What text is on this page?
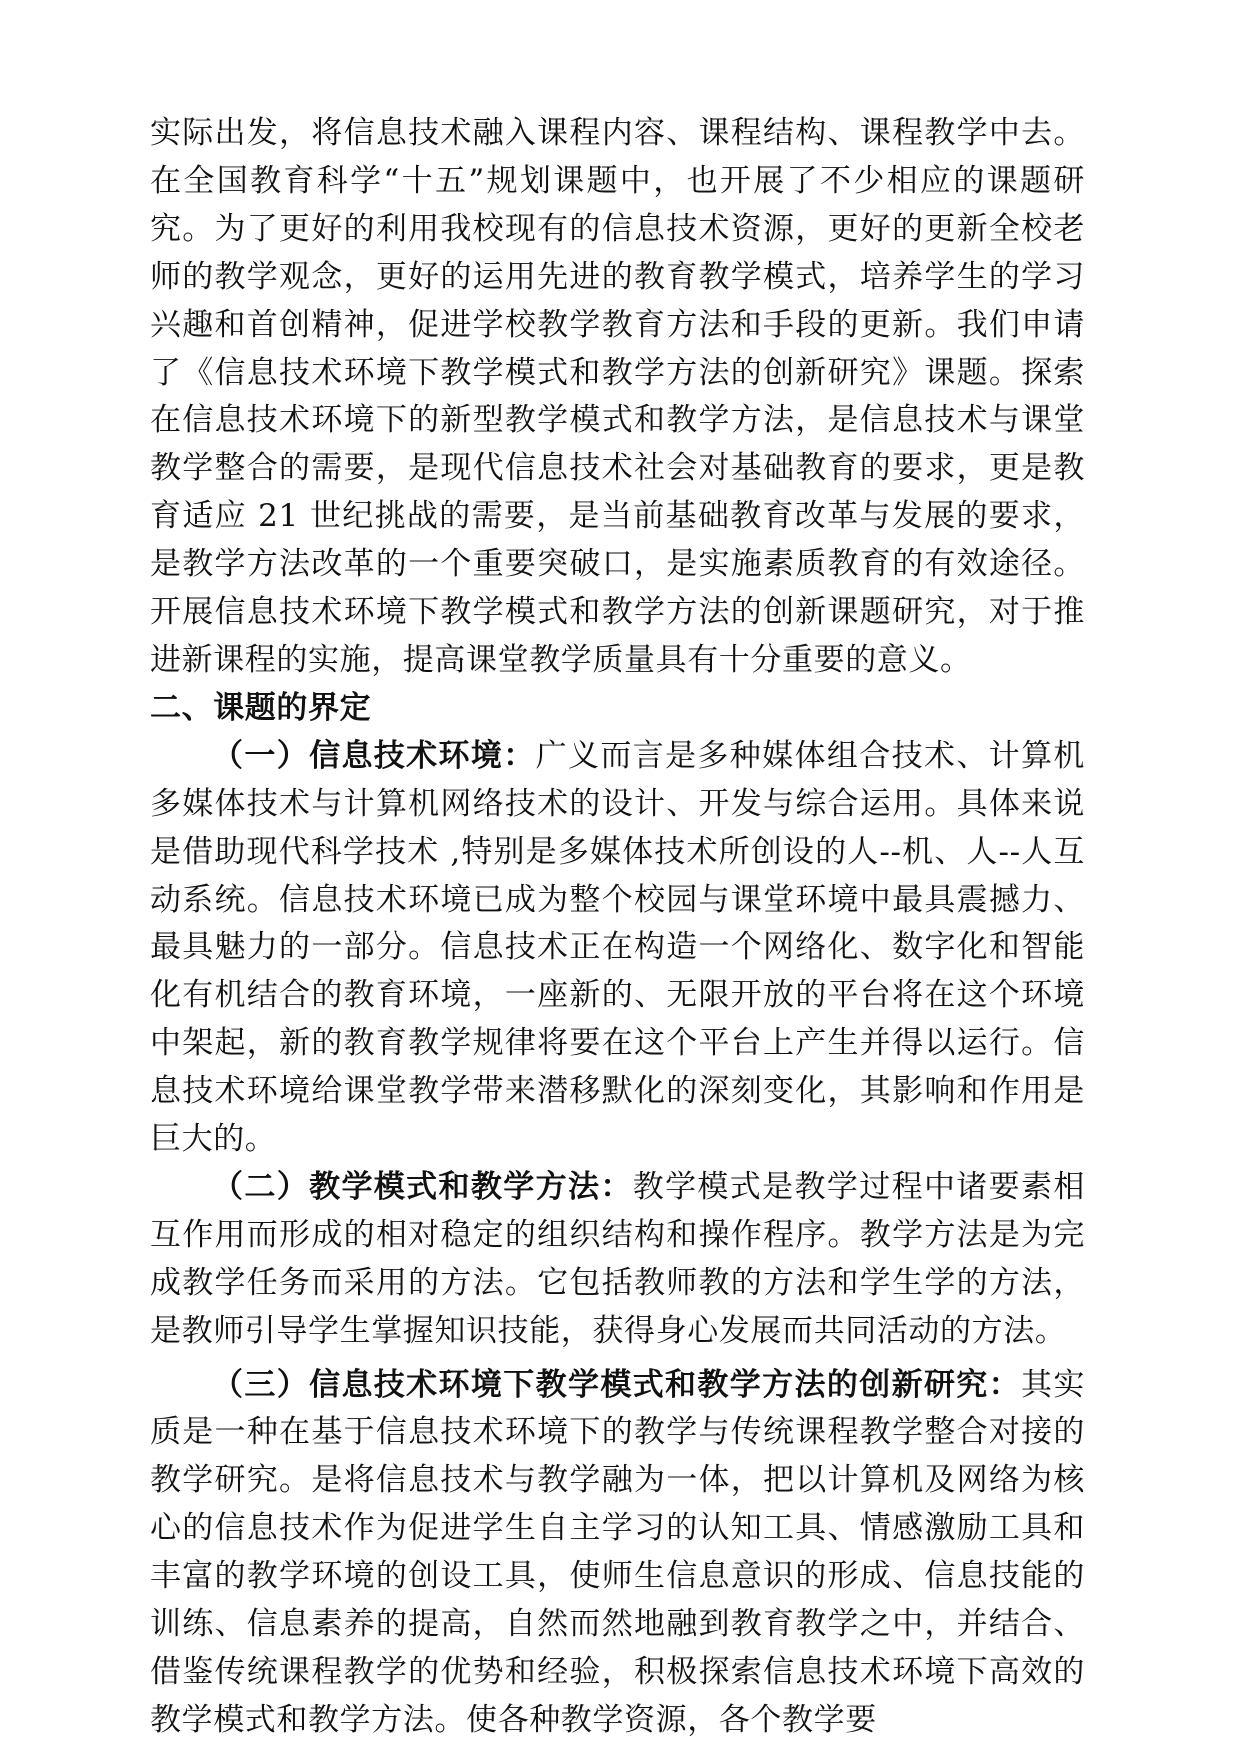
实际出发，将信息技术融入课程内容、课程结构、课程教学中去。在全国教育科学“十五”规划课题中，也开展了不少相应的课题研究。为了更好的利用我校现有的信息技术资源，更好的更新全校老师的教学观念，更好的运用先进的教育教学模式，培养学生的学习兴趣和首创精神，促进学校教学教育方法和手段的更新。我们申请了《信息技术环境下教学模式和教学方法的创新研究》课题。探索在信息技术环境下的新型教学模式和教学方法，是信息技术与课堂教学整合的需要，是现代信息技术社会对基础教育的要求，更是教育适应 21 世纪挑战的需要，是当前基础教育改革与发展的要求，是教学方法改革的一个重要突破口，是实施素质教育的有效途径。开展信息技术环境下教学模式和教学方法的创新课题研究，对于推进新课程的实施，提高课堂教学质量具有十分重要的意义。

二、课题的界定

（一）信息技术环境：广义而言是多种媒体组合技术、计算机多媒体技术与计算机网络技术的设计、开发与综合运用。具体来说是借助现代科学技术 ,特别是多媒体技术所创设的人--机、人--人互动系统。信息技术环境已成为整个校园与课堂环境中最具震撼力、最具魅力的一部分。信息技术正在构造一个网络化、数字化和智能化有机结合的教育环境，一座新的、无限开放的平台将在这个环境中架起，新的教育教学规律将要在这个平台上产生并得以运行。信息技术环境给课堂教学带来潜移默化的深刻变化，其影响和作用是巨大的。

（二）教学模式和教学方法：教学模式是教学过程中诸要素相互作用而形成的相对稳定的组织结构和操作程序。教学方法是为完成教学任务而采用的方法。它包括教师教的方法和学生学的方法，是教师引导学生掌握知识技能，获得身心发展而共同活动的方法。

（三）信息技术环境下教学模式和教学方法的创新研究：其实质是一种在基于信息技术环境下的教学与传统课程教学整合对接的教学研究。是将信息技术与教学融为一体，把以计算机及网络为核心的信息技术作为促进学生自主学习的认知工具、情感激励工具和丰富的教学环境的创设工具，使师生信息意识的形成、信息技能的训练、信息素养的提高，自然而然地融到教育教学之中，并结合、借鉴传统课程教学的优势和经验，积极探索信息技术环境下高效的教学模式和教学方法。使各种教学资源，各个教学要
